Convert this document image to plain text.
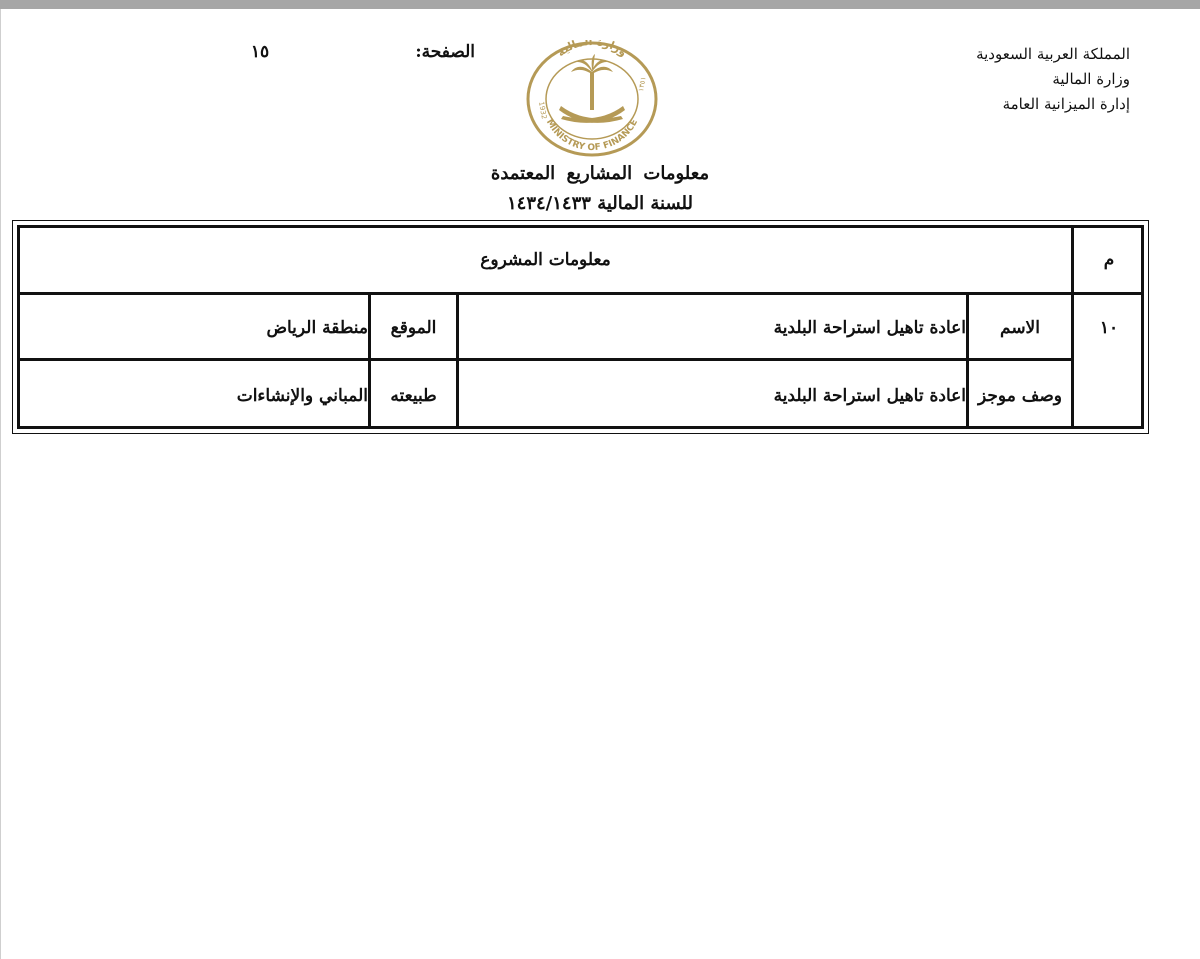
المملكة العربية السعودية
وزارة المالية
إدارة الميزانية العامة
الصفحة:
١٥	وزارة المالية
MINISTRY OF FINANCE
1932
١٣٥١
معلومات المشاريع المعتمدة
للسنة المالية ١٤٣٤/١٤٣٣
م
معلومات المشروع
١٠
الاسم
اعادة تاهيل استراحة البلدية
الموقع
منطقة الرياض
وصف موجز
اعادة تاهيل استراحة البلدية
طبيعته
المباني والإنشاءات
